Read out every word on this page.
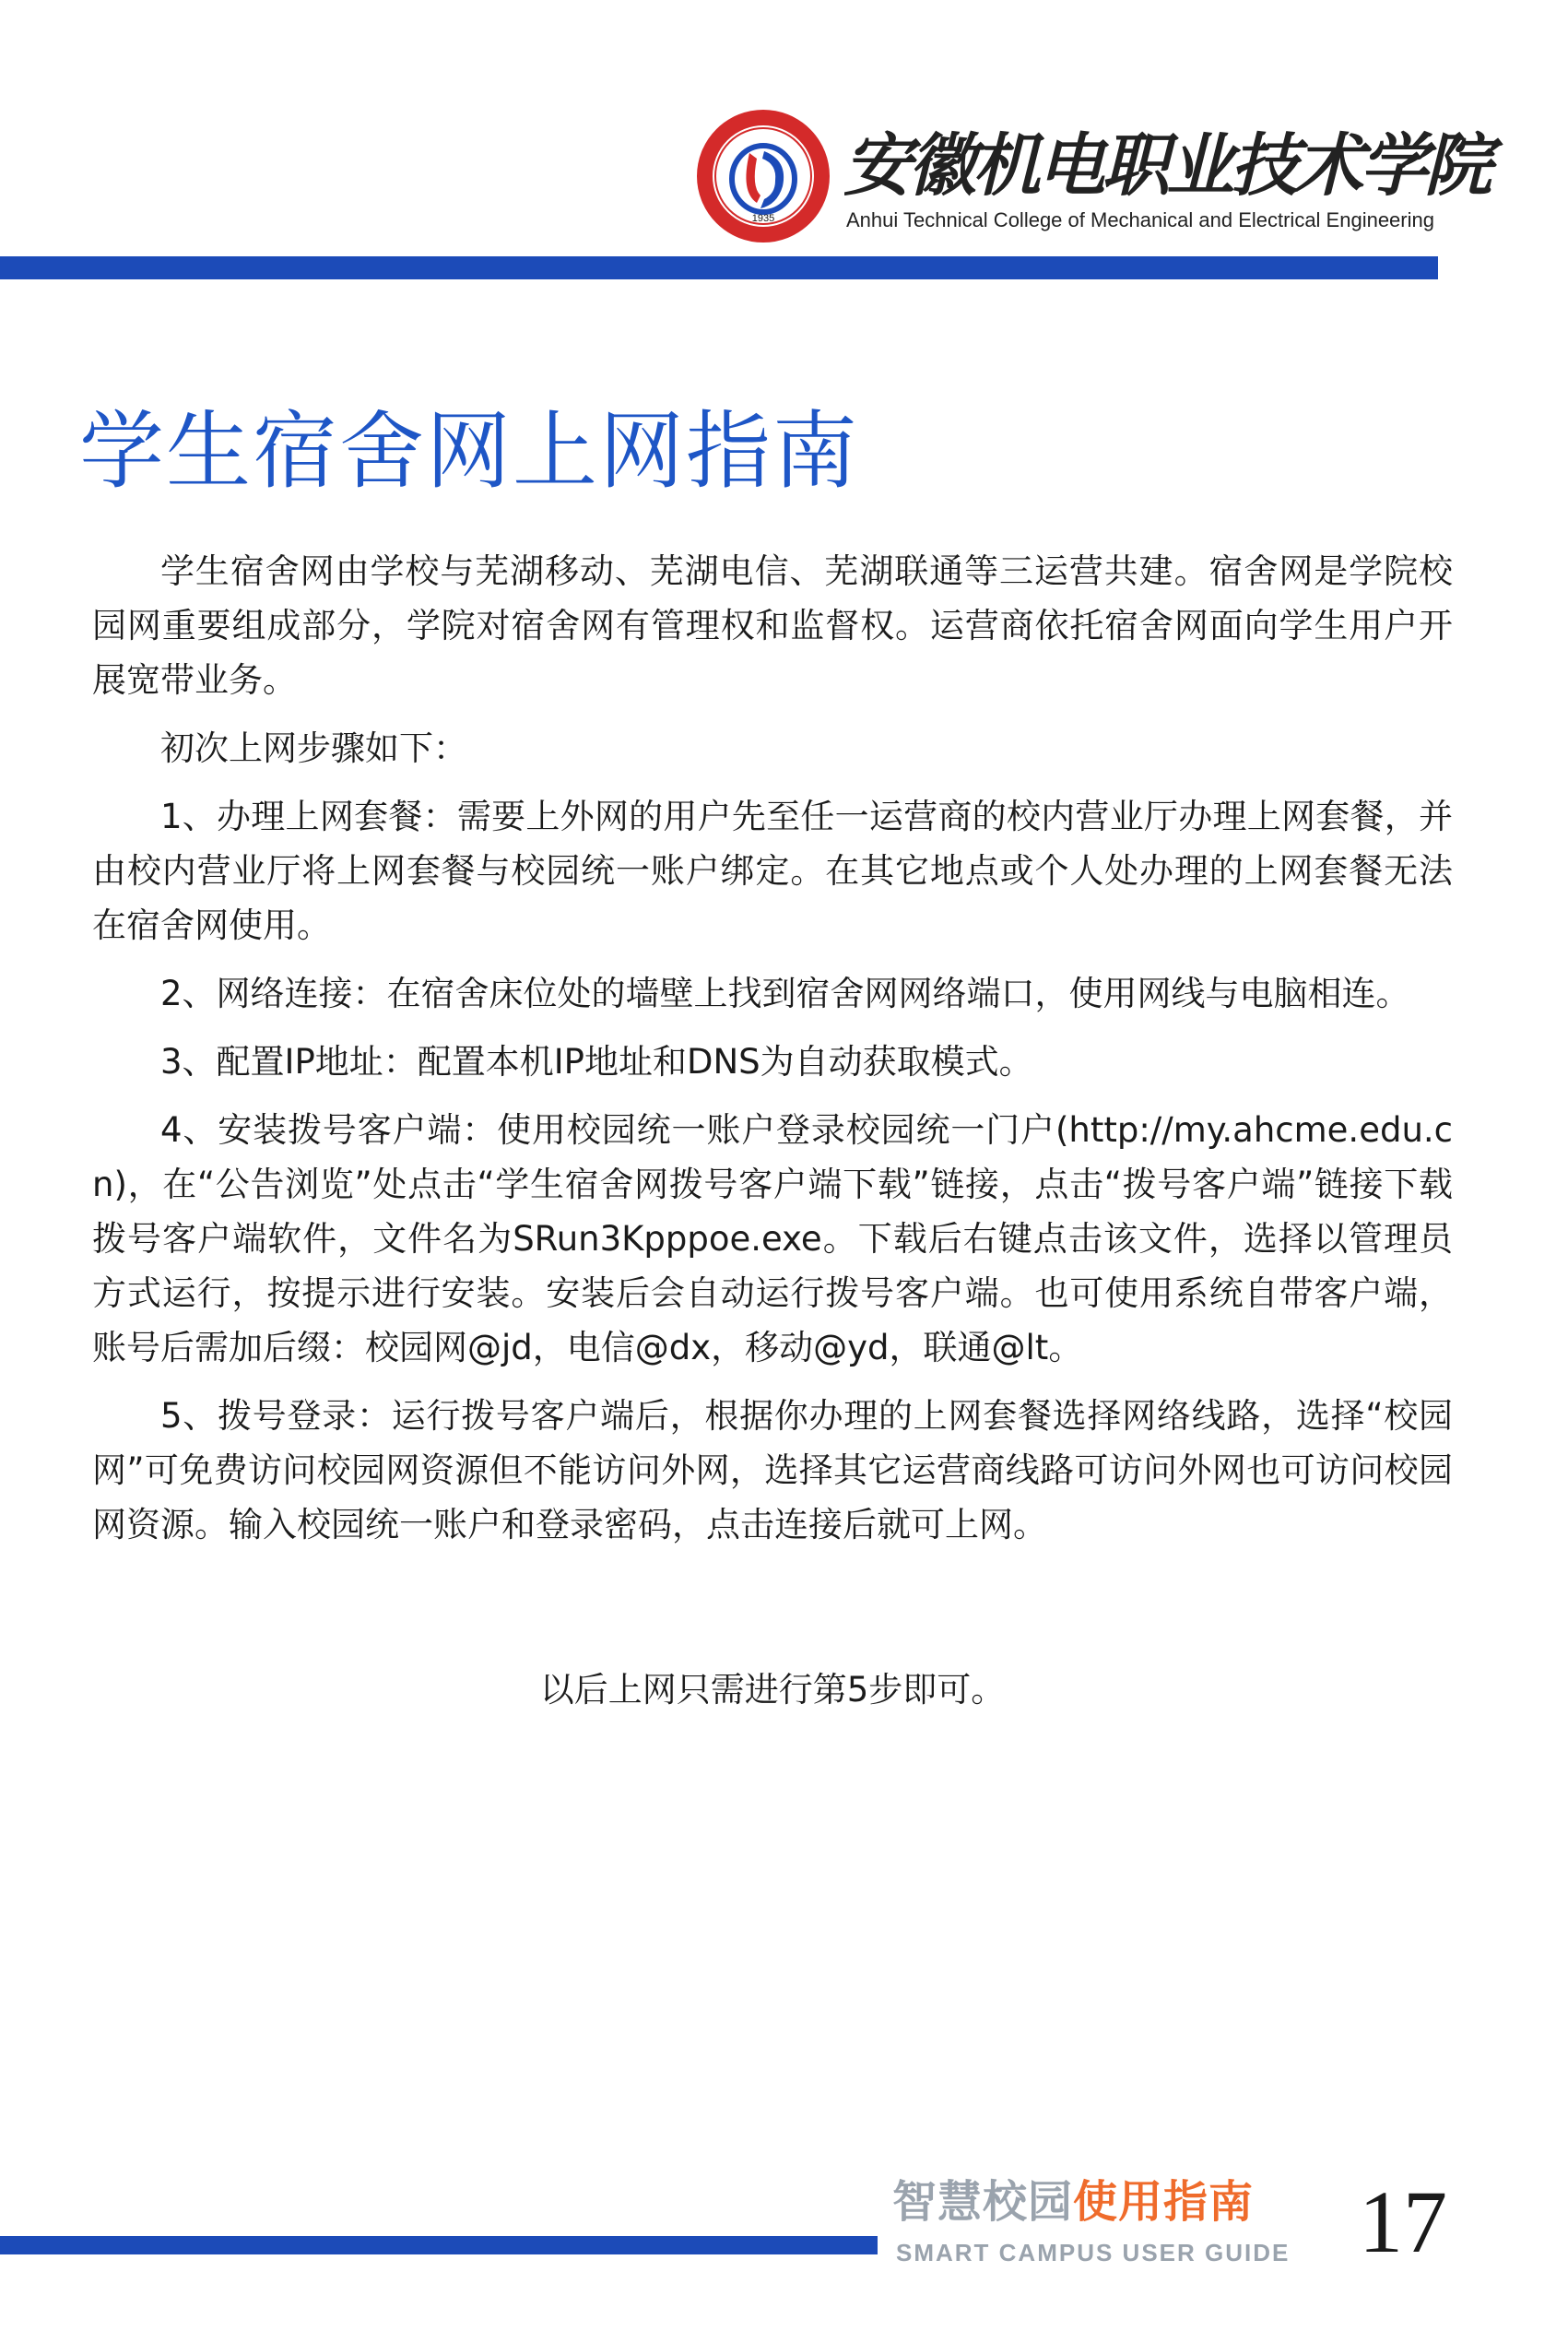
1935
安徽机电职业技术学院
Anhui Technical College of Mechanical and Electrical Engineering
学生宿舍网上网指南

学生宿舍网由学校与芜湖移动、芜湖电信、芜湖联通等三运营共建。宿舍网是学院校园网重要组成部分，学院对宿舍网有管理权和监督权。运营商依托宿舍网面向学生用户开展宽带业务。

初次上网步骤如下：

1、办理上网套餐：需要上外网的用户先至任一运营商的校内营业厅办理上网套餐，并由校内营业厅将上网套餐与校园统一账户绑定。在其它地点或个人处办理的上网套餐无法在宿舍网使用。

2、网络连接：在宿舍床位处的墙壁上找到宿舍网网络端口，使用网线与电脑相连。

3、配置IP地址：配置本机IP地址和DNS为自动获取模式。

4、安装拨号客户端：使用校园统一账户登录校园统一门户(http://my.ahcme.edu.cn)，在“公告浏览”处点击“学生宿舍网拨号客户端下载”链接，点击“拨号客户端”链接下载拨号客户端软件，文件名为SRun3Kpppoe.exe。下载后右键点击该文件，选择以管理员方式运行，按提示进行安装。安装后会自动运行拨号客户端。也可使用系统自带客户端，账号后需加后缀：校园网@jd，电信@dx，移动@yd，联通@lt。

5、拨号登录：运行拨号客户端后，根据你办理的上网套餐选择网络线路，选择“校园网”可免费访问校园网资源但不能访问外网，选择其它运营商线路可访问外网也可访问校园网资源。输入校园统一账户和登录密码，点击连接后就可上网。

以后上网只需进行第5步即可。

智慧校园使用指南
SMART CAMPUS USER GUIDE 17
